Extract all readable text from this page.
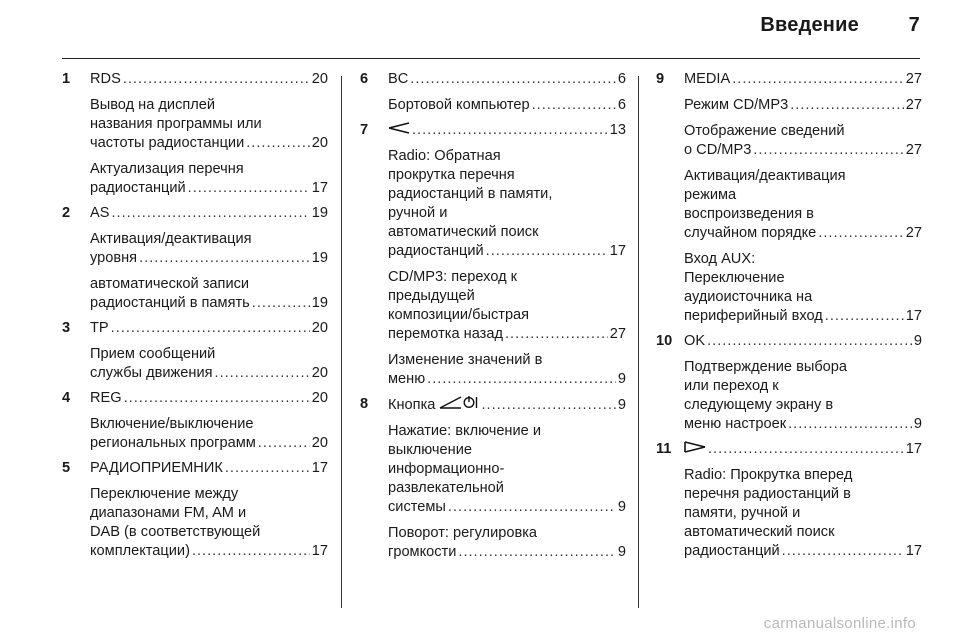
Введение 7
1	RDS .....	20
Вывод на дисплей
названия программы или
частоты радиостанции .....	20
Актуализация перечня
радиостанций .....	17
2	AS .....	19
Активация/деактивация
уровня .....	19
автоматической записи
радиостанций в память .....	19
3	TP .....	20
Прием сообщений
службы движения .....	20
4	REG .....	20
Включение/выключение
региональных программ .....	20
5	РАДИОПРИЕМНИК .....	17
Переключение между
диапазонами FM, AM и
DAB (в соответствующей
комплектации) .....	17
6	BC .....	6
Бортовой компьютер .....	6
7 .....	13
Radio: Обратная
прокрутка перечня
радиостанций в памяти,
ручной и
автоматический поиск
радиостанций .....	17
CD/MP3: переход к
предыдущей
композиции/быстрая
перемотка назад .....	27
Изменение значений в
меню .....	9
8	Кнопка .....	9
Нажатие: включение и
выключение
информационно-
развлекательной
системы .....	9
Поворот: регулировка
громкости .....	9
9	MEDIA .....	27
Режим CD/MP3 .....	27
Отображение сведений
о CD/MP3 .....	27
Активация/деактивация
режима
воспроизведения в
случайном порядке .....	27
Вход AUX:
Переключение
аудиоисточника на
периферийный вход .....	17
10 OK .....	9
Подтверждение выбора
или переход к
следующему экрану в
меню настроек .....	9
11 .....	17
Radio: Прокрутка вперед
перечня радиостанций в
памяти, ручной и
автоматический поиск
радиостанций .....	17
carmanualsonline.info
